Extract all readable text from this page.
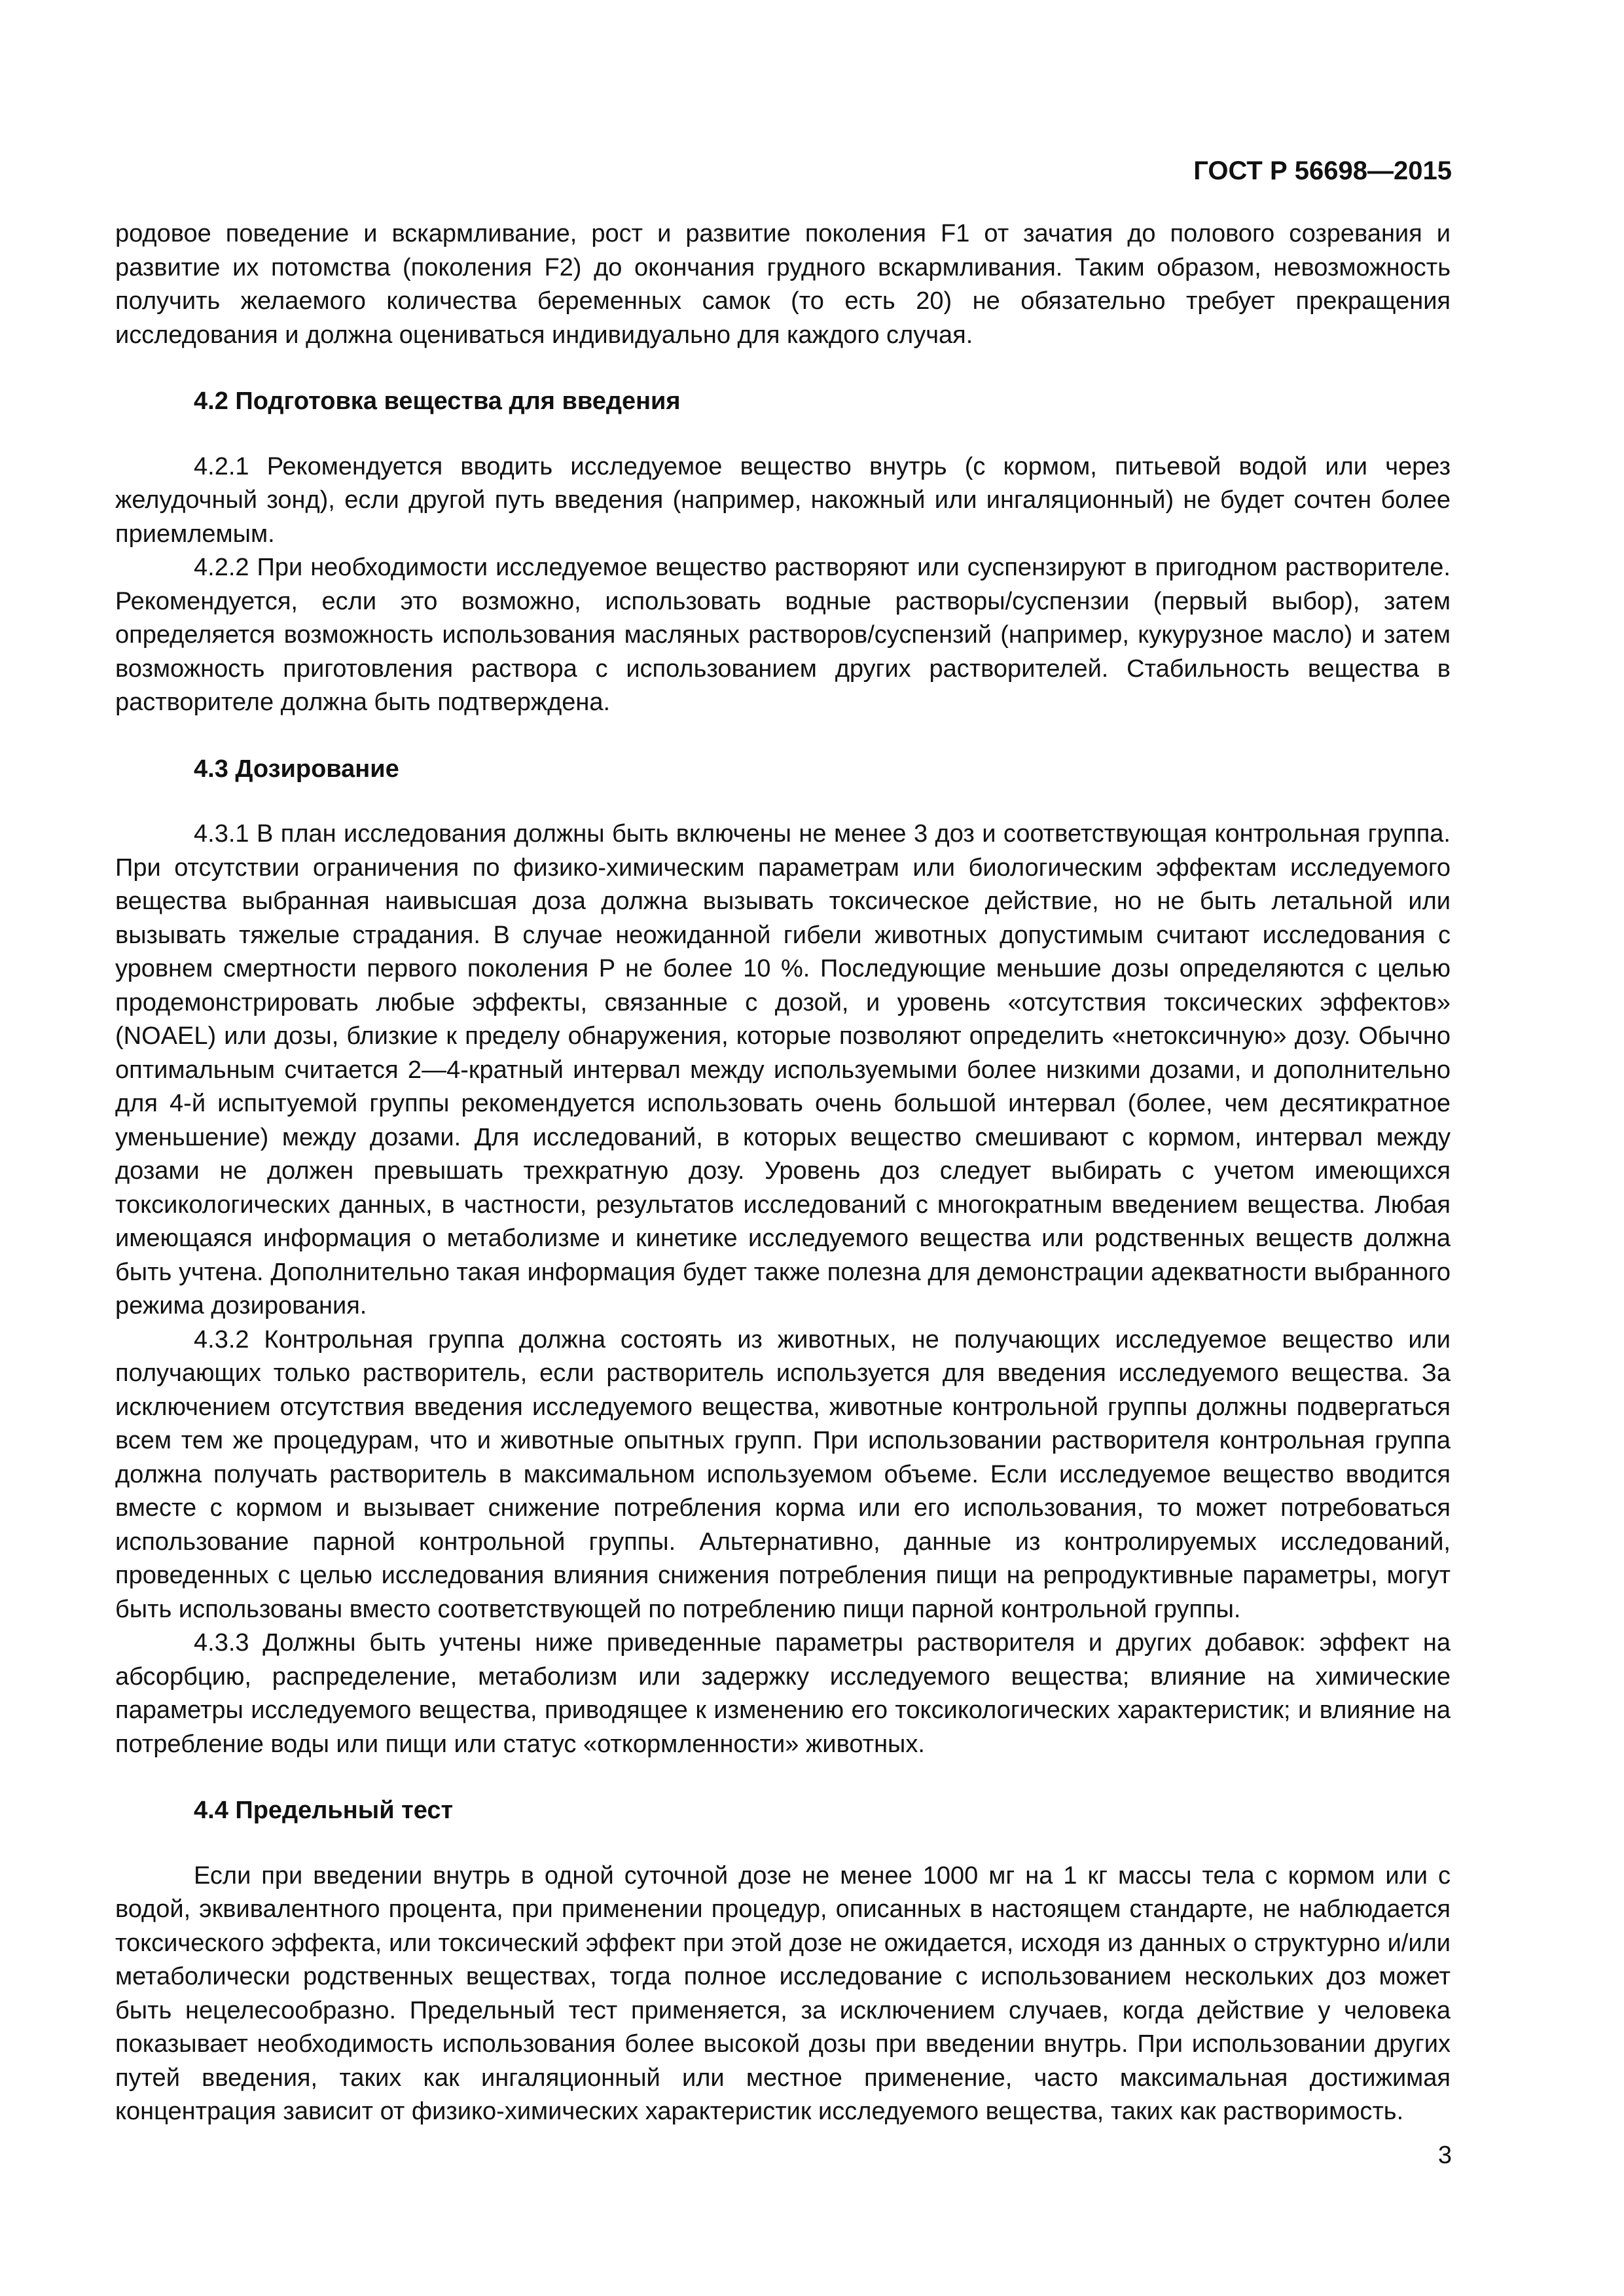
ГОСТ Р 56698—2015

родовое поведение и вскармливание, рост и развитие поколения F1 от зачатия до полового созревания и развитие их потомства (поколения F2) до окончания грудного вскармливания. Таким образом, невозможность получить желаемого количества беременных самок (то есть 20) не обязательно требует прекращения исследования и должна оцениваться индивидуально для каждого случая.

4.2 Подготовка вещества для введения

4.2.1 Рекомендуется вводить исследуемое вещество внутрь (с кормом, питьевой водой или через желудочный зонд), если другой путь введения (например, накожный или ингаляционный) не будет сочтен более приемлемым.

4.2.2 При необходимости исследуемое вещество растворяют или суспензируют в пригодном растворителе. Рекомендуется, если это возможно, использовать водные растворы/суспензии (первый выбор), затем определяется возможность использования масляных растворов/суспензий (например, кукурузное масло) и затем возможность приготовления раствора с использованием других растворителей. Стабильность вещества в растворителе должна быть подтверждена.

4.3 Дозирование

4.3.1 В план исследования должны быть включены не менее 3 доз и соответствующая контрольная группа. При отсутствии ограничения по физико-химическим параметрам или биологическим эффектам исследуемого вещества выбранная наивысшая доза должна вызывать токсическое действие, но не быть летальной или вызывать тяжелые страдания. В случае неожиданной гибели животных допустимым считают исследования с уровнем смертности первого поколения P не более 10 %. Последующие меньшие дозы определяются с целью продемонстрировать любые эффекты, связанные с дозой, и уровень «отсутствия токсических эффектов» (NOAEL) или дозы, близкие к пределу обнаружения, которые позволяют определить «нетоксичную» дозу. Обычно оптимальным считается 2—4-кратный интервал между используемыми более низкими дозами, и дополнительно для 4-й испытуемой группы рекомендуется использовать очень большой интервал (более, чем десятикратное уменьшение) между дозами. Для исследований, в которых вещество смешивают с кормом, интервал между дозами не должен превышать трехкратную дозу. Уровень доз следует выбирать с учетом имеющихся токсикологических данных, в частности, результатов исследований с многократным введением вещества. Любая имеющаяся информация о метаболизме и кинетике исследуемого вещества или родственных веществ должна быть учтена. Дополнительно такая информация будет также полезна для демонстрации адекватности выбранного режима дозирования.

4.3.2 Контрольная группа должна состоять из животных, не получающих исследуемое вещество или получающих только растворитель, если растворитель используется для введения исследуемого вещества. За исключением отсутствия введения исследуемого вещества, животные контрольной группы должны подвергаться всем тем же процедурам, что и животные опытных групп. При использовании растворителя контрольная группа должна получать растворитель в максимальном используемом объеме. Если исследуемое вещество вводится вместе с кормом и вызывает снижение потребления корма или его использования, то может потребоваться использование парной контрольной группы. Альтернативно, данные из контролируемых исследований, проведенных с целью исследования влияния снижения потребления пищи на репродуктивные параметры, могут быть использованы вместо соответствующей по потреблению пищи парной контрольной группы.

4.3.3 Должны быть учтены ниже приведенные параметры растворителя и других добавок: эффект на абсорбцию, распределение, метаболизм или задержку исследуемого вещества; влияние на химические параметры исследуемого вещества, приводящее к изменению его токсикологических характеристик; и влияние на потребление воды или пищи или статус «откормленности» животных.

4.4 Предельный тест

Если при введении внутрь в одной суточной дозе не менее 1000 мг на 1 кг массы тела с кормом или с водой, эквивалентного процента, при применении процедур, описанных в настоящем стандарте, не наблюдается токсического эффекта, или токсический эффект при этой дозе не ожидается, исходя из данных о структурно и/или метаболически родственных веществах, тогда полное исследование с использованием нескольких доз может быть нецелесообразно. Предельный тест применяется, за исключением случаев, когда действие у человека показывает необходимость использования более высокой дозы при введении внутрь. При использовании других путей введения, таких как ингаляционный или местное применение, часто максимальная достижимая концентрация зависит от физико-химических характеристик исследуемого вещества, таких как растворимость.

3
